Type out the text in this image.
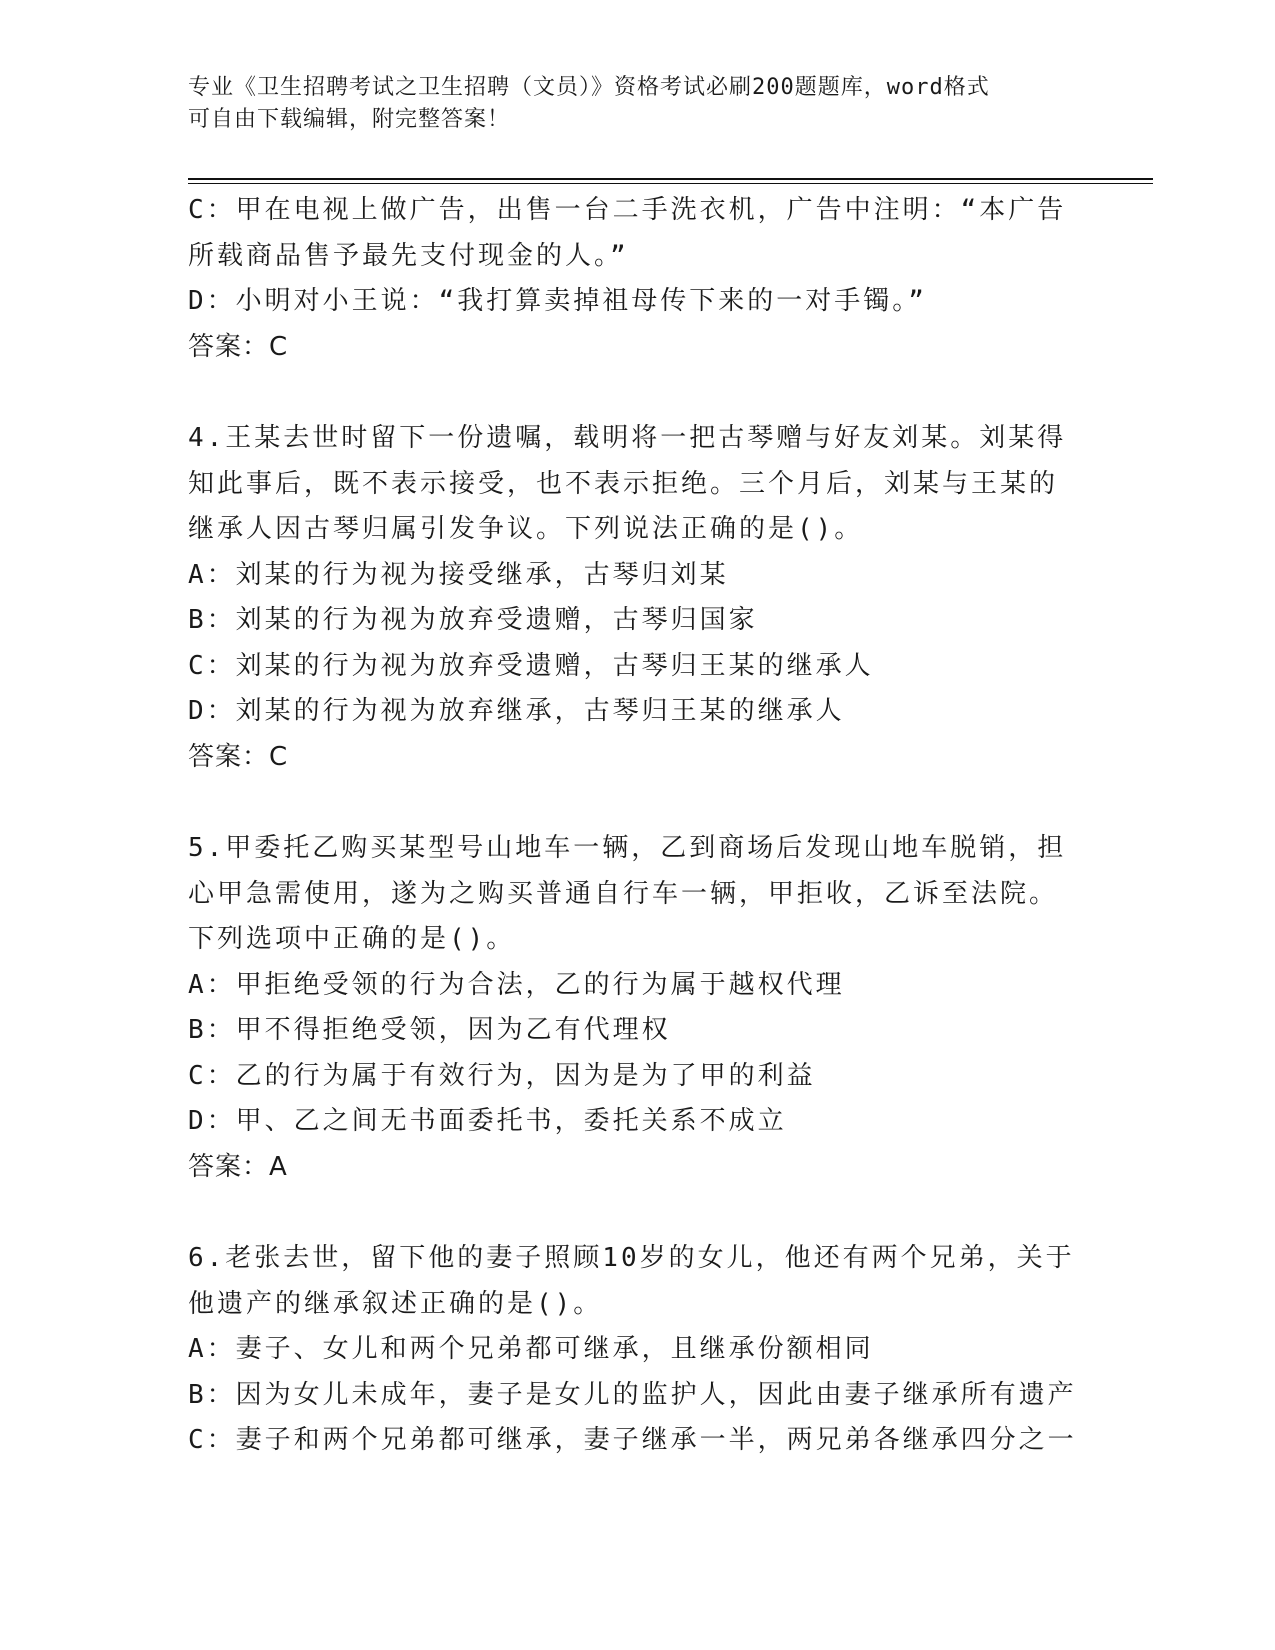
专业《卫生招聘考试之卫生招聘（文员）》资格考试必刷200题题库，word格式
可自由下载编辑，附完整答案！
C：甲在电视上做广告，出售一台二手洗衣机，广告中注明：“本广告
所载商品售予最先支付现金的人。”
D：小明对小王说：“我打算卖掉祖母传下来的一对手镯。”
答案：C
4.王某去世时留下一份遗嘱，载明将一把古琴赠与好友刘某。刘某得
知此事后，既不表示接受，也不表示拒绝。三个月后，刘某与王某的
继承人因古琴归属引发争议。下列说法正确的是()。
A：刘某的行为视为接受继承，古琴归刘某
B：刘某的行为视为放弃受遗赠，古琴归国家
C：刘某的行为视为放弃受遗赠，古琴归王某的继承人
D：刘某的行为视为放弃继承，古琴归王某的继承人
答案：C
5.甲委托乙购买某型号山地车一辆，乙到商场后发现山地车脱销，担
心甲急需使用，遂为之购买普通自行车一辆，甲拒收，乙诉至法院。
下列选项中正确的是()。
A：甲拒绝受领的行为合法，乙的行为属于越权代理
B：甲不得拒绝受领，因为乙有代理权
C：乙的行为属于有效行为，因为是为了甲的利益
D：甲、乙之间无书面委托书，委托关系不成立
答案：A
6.老张去世，留下他的妻子照顾10岁的女儿，他还有两个兄弟，关于
他遗产的继承叙述正确的是()。
A：妻子、女儿和两个兄弟都可继承，且继承份额相同
B：因为女儿未成年，妻子是女儿的监护人，因此由妻子继承所有遗产
C：妻子和两个兄弟都可继承，妻子继承一半，两兄弟各继承四分之一
